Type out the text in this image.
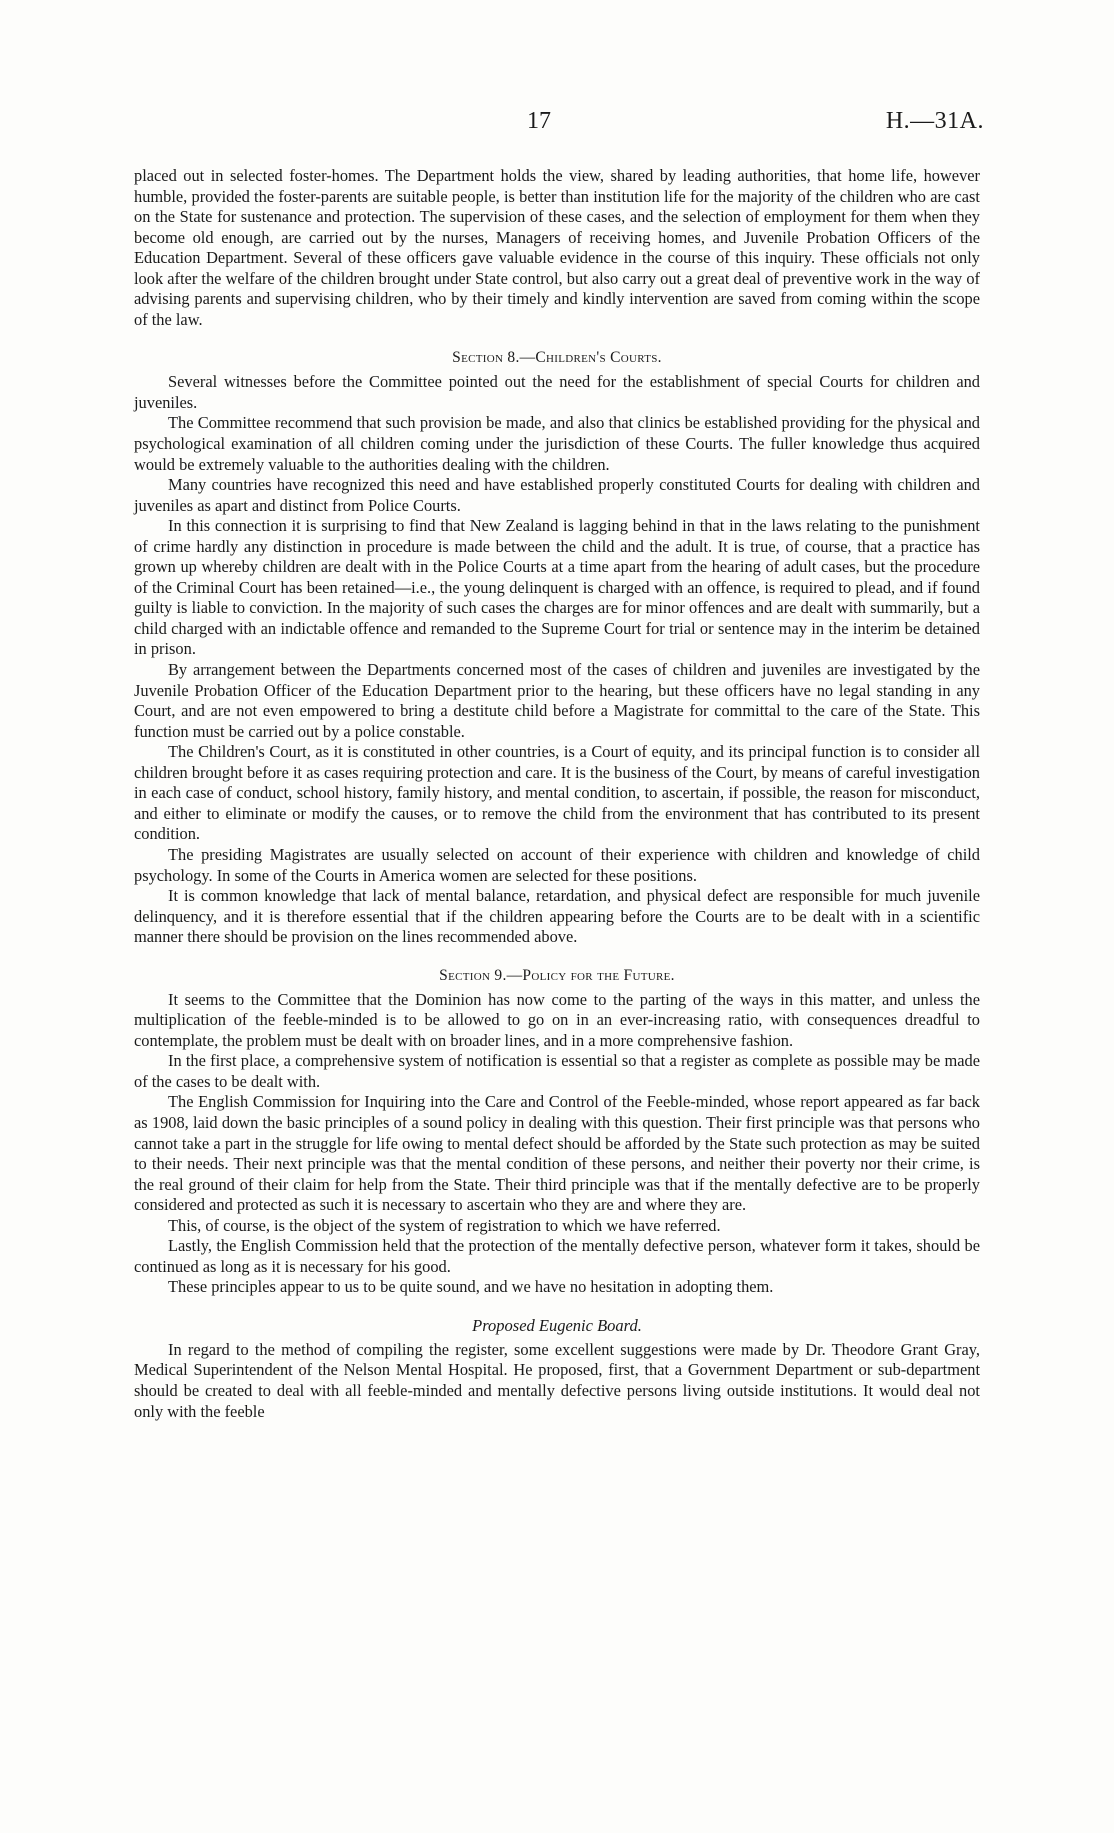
17	H.—31A.

placed out in selected foster-homes. The Department holds the view, shared by leading authorities, that home life, however humble, provided the foster-parents are suitable people, is better than institution life for the majority of the children who are cast on the State for sustenance and protection. The supervision of these cases, and the selection of employment for them when they become old enough, are carried out by the nurses, Managers of receiving homes, and Juvenile Probation Officers of the Education Department. Several of these officers gave valuable evidence in the course of this inquiry. These officials not only look after the welfare of the children brought under State control, but also carry out a great deal of preventive work in the way of advising parents and supervising children, who by their timely and kindly intervention are saved from coming within the scope of the law.

Section 8.—Children's Courts.

Several witnesses before the Committee pointed out the need for the establishment of special Courts for children and juveniles.

The Committee recommend that such provision be made, and also that clinics be established providing for the physical and psychological examination of all children coming under the jurisdiction of these Courts. The fuller knowledge thus acquired would be extremely valuable to the authorities dealing with the children.

Many countries have recognized this need and have established properly constituted Courts for dealing with children and juveniles as apart and distinct from Police Courts.

In this connection it is surprising to find that New Zealand is lagging behind in that in the laws relating to the punishment of crime hardly any distinction in procedure is made between the child and the adult. It is true, of course, that a practice has grown up whereby children are dealt with in the Police Courts at a time apart from the hearing of adult cases, but the procedure of the Criminal Court has been retained—i.e., the young delinquent is charged with an offence, is required to plead, and if found guilty is liable to conviction. In the majority of such cases the charges are for minor offences and are dealt with summarily, but a child charged with an indictable offence and remanded to the Supreme Court for trial or sentence may in the interim be detained in prison.

By arrangement between the Departments concerned most of the cases of children and juveniles are investigated by the Juvenile Probation Officer of the Education Department prior to the hearing, but these officers have no legal standing in any Court, and are not even empowered to bring a destitute child before a Magistrate for committal to the care of the State. This function must be carried out by a police constable.

The Children's Court, as it is constituted in other countries, is a Court of equity, and its principal function is to consider all children brought before it as cases requiring protection and care. It is the business of the Court, by means of careful investigation in each case of conduct, school history, family history, and mental condition, to ascertain, if possible, the reason for misconduct, and either to eliminate or modify the causes, or to remove the child from the environment that has contributed to its present condition.

The presiding Magistrates are usually selected on account of their experience with children and knowledge of child psychology. In some of the Courts in America women are selected for these positions.

It is common knowledge that lack of mental balance, retardation, and physical defect are responsible for much juvenile delinquency, and it is therefore essential that if the children appearing before the Courts are to be dealt with in a scientific manner there should be provision on the lines recommended above.

Section 9.—Policy for the Future.

It seems to the Committee that the Dominion has now come to the parting of the ways in this matter, and unless the multiplication of the feeble-minded is to be allowed to go on in an ever-increasing ratio, with consequences dreadful to contemplate, the problem must be dealt with on broader lines, and in a more comprehensive fashion.

In the first place, a comprehensive system of notification is essential so that a register as complete as possible may be made of the cases to be dealt with.

The English Commission for Inquiring into the Care and Control of the Feeble-minded, whose report appeared as far back as 1908, laid down the basic principles of a sound policy in dealing with this question. Their first principle was that persons who cannot take a part in the struggle for life owing to mental defect should be afforded by the State such protection as may be suited to their needs. Their next principle was that the mental condition of these persons, and neither their poverty nor their crime, is the real ground of their claim for help from the State. Their third principle was that if the mentally defective are to be properly considered and protected as such it is necessary to ascertain who they are and where they are.

This, of course, is the object of the system of registration to which we have referred.

Lastly, the English Commission held that the protection of the mentally defective person, whatever form it takes, should be continued as long as it is necessary for his good.

These principles appear to us to be quite sound, and we have no hesitation in adopting them.

Proposed Eugenic Board.

In regard to the method of compiling the register, some excellent suggestions were made by Dr. Theodore Grant Gray, Medical Superintendent of the Nelson Mental Hospital. He proposed, first, that a Government Department or sub-department should be created to deal with all feeble-minded and mentally defective persons living outside institutions. It would deal not only with the feeble
